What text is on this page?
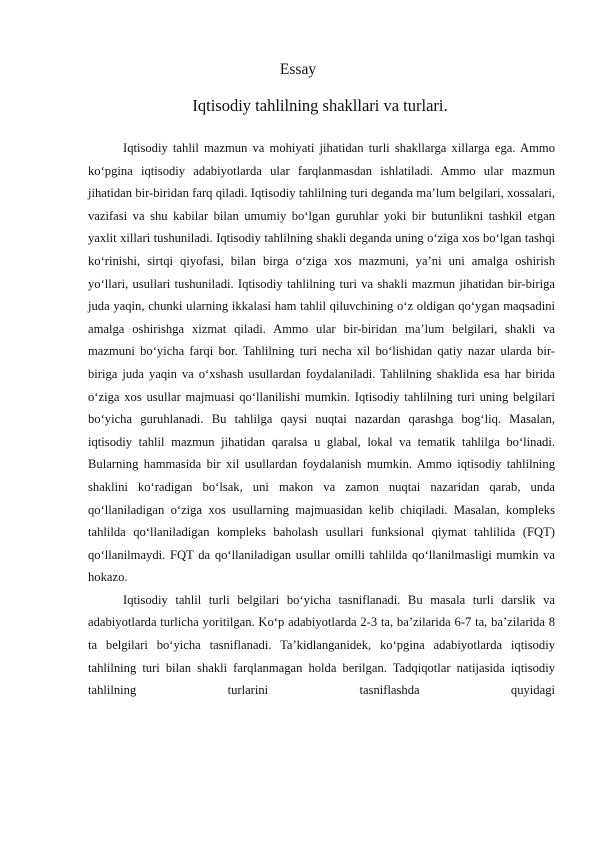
Essay
Iqtisodiy tahlilning shakllari va turlari.

Iqtisodiy tahlil mazmun va mohiyati jihatidan turli shakllarga xillarga ega. Ammo ko‘pgina iqtisodiy adabiyotlarda ular farqlanmasdan ishlatiladi. Ammo ular mazmun jihatidan bir-biridan farq qiladi. Iqtisodiy tahlilning turi deganda ma’lum belgilari, xossalari, vazifasi va shu kabilar bilan umumiy bo‘lgan guruhlar yoki bir butunlikni tashkil etgan yaxlit xillari tushuniladi. Iqtisodiy tahlilning shakli deganda uning o‘ziga xos bo‘lgan tashqi ko‘rinishi, sirtqi qiyofasi, bilan birga o‘ziga xos mazmuni, ya’ni uni amalga oshirish yo‘llari, usullari tushuniladi. Iqtisodiy tahlilning turi va shakli mazmun jihatidan bir-biriga juda yaqin, chunki ularning ikkalasi ham tahlil qiluvchining o‘z oldigan qo‘ygan maqsadini amalga oshirishga xizmat qiladi. Ammo ular bir-biridan ma’lum belgilari, shakli va mazmuni bo‘yicha farqi bor. Tahlilning turi necha xil bo‘lishidan qatiy nazar ularda bir-biriga juda yaqin va o‘xshash usullardan foydalaniladi. Tahlilning shaklida esa har birida o‘ziga xos usullar majmuasi qo‘llanilishi mumkin. Iqtisodiy tahlilning turi uning belgilari bo‘yicha guruhlanadi. Bu tahlilga qaysi nuqtai nazardan qarashga bog‘liq. Masalan, iqtisodiy tahlil mazmun jihatidan qaralsa u glabal, lokal va tematik tahlilga bo‘linadi. Bularning hammasida bir xil usullardan foydalanish mumkin. Ammo iqtisodiy tahlilning shaklini ko‘radigan bo‘lsak, uni makon va zamon nuqtai nazaridan qarab, unda qo‘llaniladigan o‘ziga xos usullarning majmuasidan kelib chiqiladi. Masalan, kompleks tahlilda qo‘llaniladigan kompleks baholash usullari funksional qiymat tahlilida (FQT) qo‘llanilmaydi. FQT da qo‘llaniladigan usullar omilli tahlilda qo‘llanilmasligi mumkin va hokazo.

Iqtisodiy tahlil turli belgilari bo‘yicha tasniflanadi. Bu masala turli darslik va adabiyotlarda turlicha yoritilgan. Ko‘p adabiyotlarda 2-3 ta, ba’zilarida 6-7 ta, ba’zilarida 8 ta belgilari bo‘yicha tasniflanadi. Ta’kidlanganidek, ko‘pgina adabiyotlarda iqtisodiy tahlilning turi bilan shakli farqlanmagan holda berilgan. Tadqiqotlar natijasida iqtisodiy tahlilning turlarini tasniflashda quyidagi
